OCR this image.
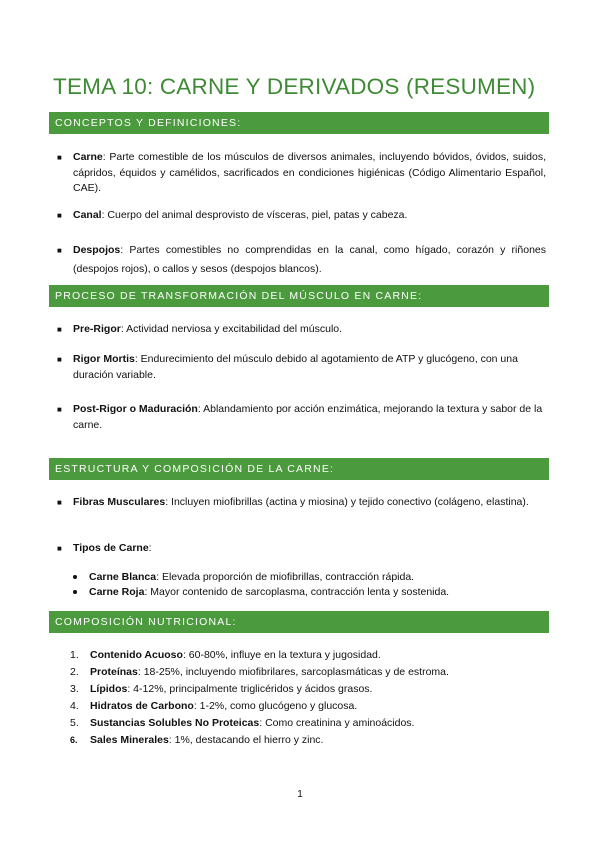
TEMA 10: CARNE Y DERIVADOS (RESUMEN)
CONCEPTOS Y DEFINICIONES:
■ Carne: Parte comestible de los músculos de diversos animales, incluyendo bóvidos, óvidos, suidos, cápridos, équidos y camélidos, sacrificados en condiciones higiénicas (Código Alimentario Español, CAE).
■ Canal: Cuerpo del animal desprovisto de vísceras, piel, patas y cabeza.
■ Despojos: Partes comestibles no comprendidas en la canal, como hígado, corazón y riñones (despojos rojos), o callos y sesos (despojos blancos).
PROCESO DE TRANSFORMACIÓN DEL MÚSCULO EN CARNE:
■ Pre-Rigor: Actividad nerviosa y excitabilidad del músculo.
■ Rigor Mortis: Endurecimiento del músculo debido al agotamiento de ATP y glucógeno, con una duración variable.
■ Post-Rigor o Maduración: Ablandamiento por acción enzimática, mejorando la textura y sabor de la carne.
ESTRUCTURA Y COMPOSICIÓN DE LA CARNE:
■ Fibras Musculares: Incluyen miofibrillas (actina y miosina) y tejido conectivo (colágeno, elastina).
■ Tipos de Carne:
Carne Blanca: Elevada proporción de miofibrillas, contracción rápida.
Carne Roja: Mayor contenido de sarcoplasma, contracción lenta y sostenida.
COMPOSICIÓN NUTRICIONAL:
1. Contenido Acuoso: 60-80%, influye en la textura y jugosidad.
2. Proteínas: 18-25%, incluyendo miofibrilares, sarcoplasmáticas y de estroma.
3. Lípidos: 4-12%, principalmente triglicéridos y ácidos grasos.
4. Hidratos de Carbono: 1-2%, como glucógeno y glucosa.
5. Sustancias Solubles No Proteicas: Como creatinina y aminoácidos.
6. Sales Minerales: 1%, destacando el hierro y zinc.
1
